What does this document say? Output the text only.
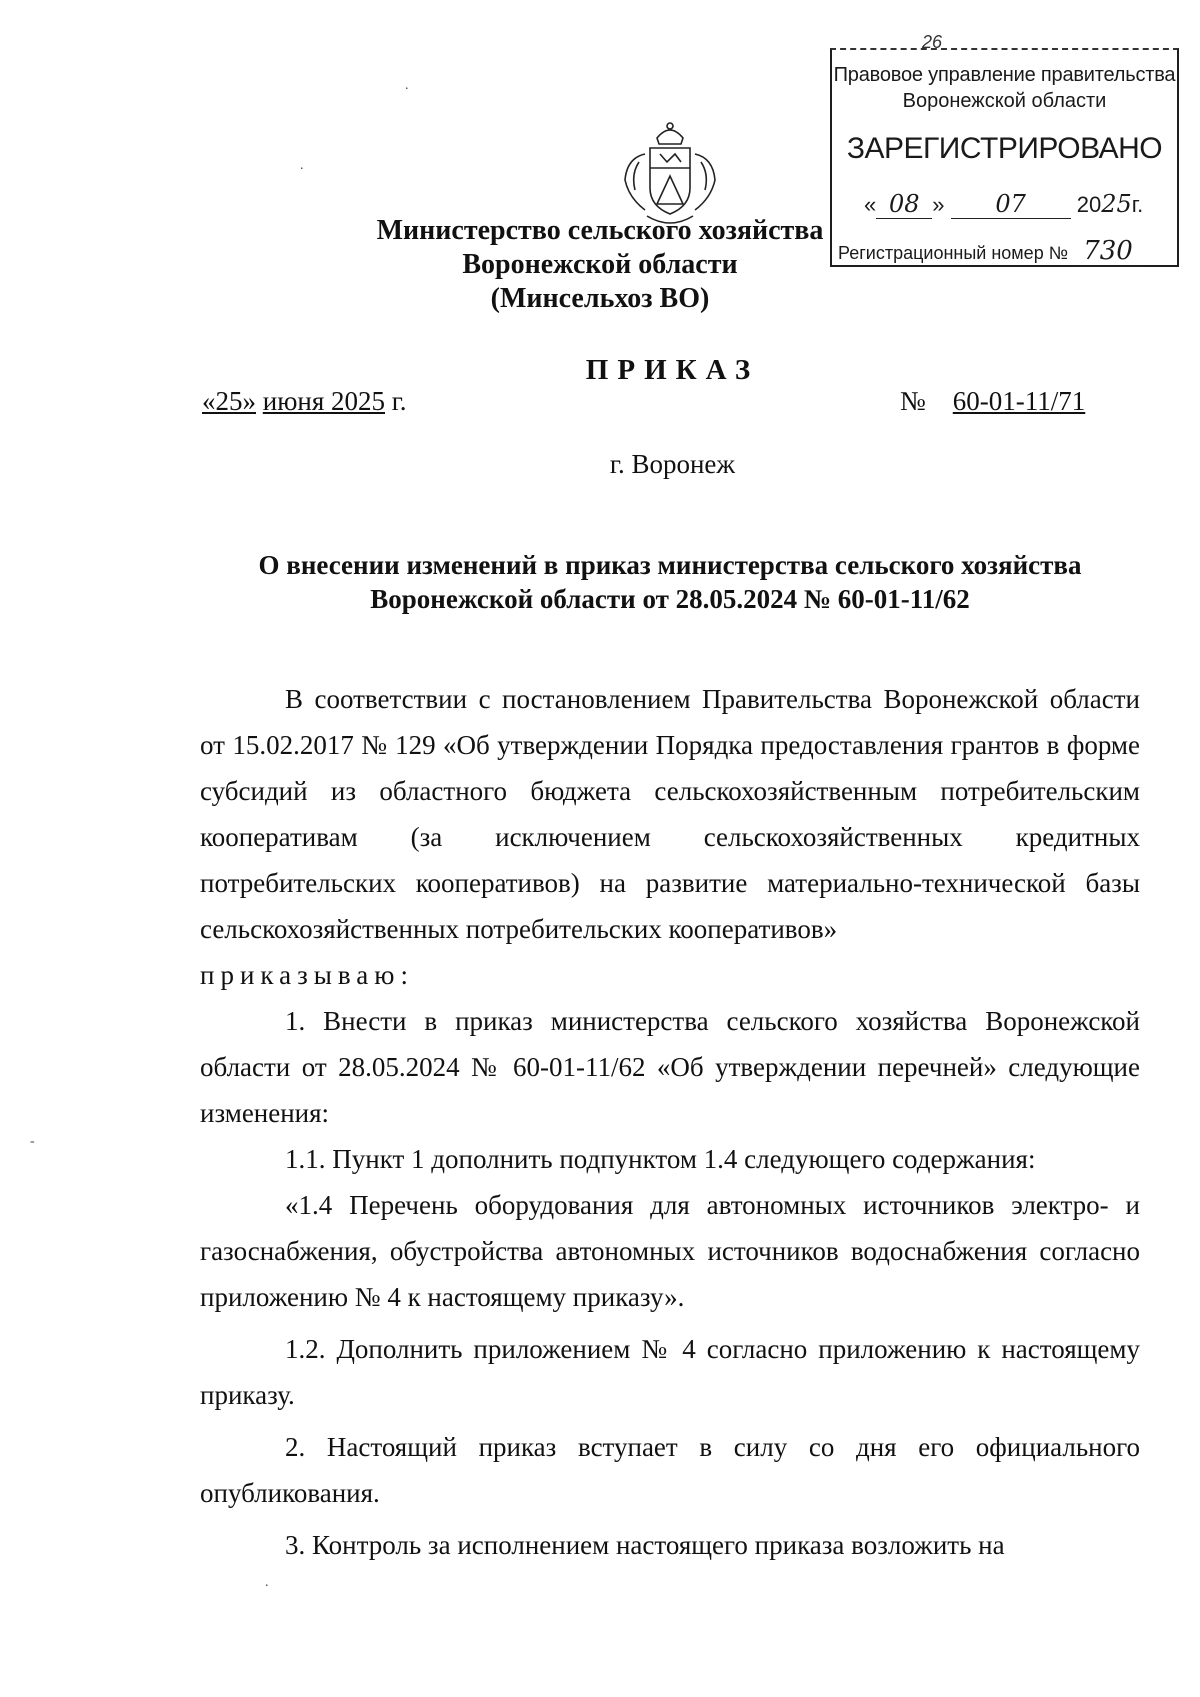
26
Правовое управление правительства
Воронежской области
ЗАРЕГИСТРИРОВАНО
« 08 » 07 2025г.
Регистрационный номер № 730
Министерство сельского хозяйства
Воронежской области
(Минсельхоз ВО)
ПРИКАЗ
«25» июня 2025 г.	№ 60-01-11/71
г. Воронеж
О внесении изменений в приказ министерства сельского хозяйства
Воронежской области от 28.05.2024 № 60-01-11/62

В соответствии с постановлением Правительства Воронежской области от 15.02.2017 № 129 «Об утверждении Порядка предоставления грантов в форме субсидий из областного бюджета сельскохозяйственным потребительским кооперативам (за исключением сельскохозяйственных кредитных потребительских кооперативов) на развитие материально-технической базы сельскохозяйственных потребительских кооперативов»

приказываю:

1. Внести в приказ министерства сельского хозяйства Воронежской области от 28.05.2024 № 60-01-11/62 «Об утверждении перечней» следующие изменения:

1.1. Пункт 1 дополнить подпунктом 1.4 следующего содержания:

«1.4 Перечень оборудования для автономных источников электро- и газоснабжения, обустройства автономных источников водоснабжения согласно приложению № 4 к настоящему приказу».

1.2. Дополнить приложением № 4 согласно приложению к настоящему приказу.

2. Настоящий приказ вступает в силу со дня его официального опубликования.

3. Контроль за исполнением настоящего приказа возложить на

.
.
-
.
